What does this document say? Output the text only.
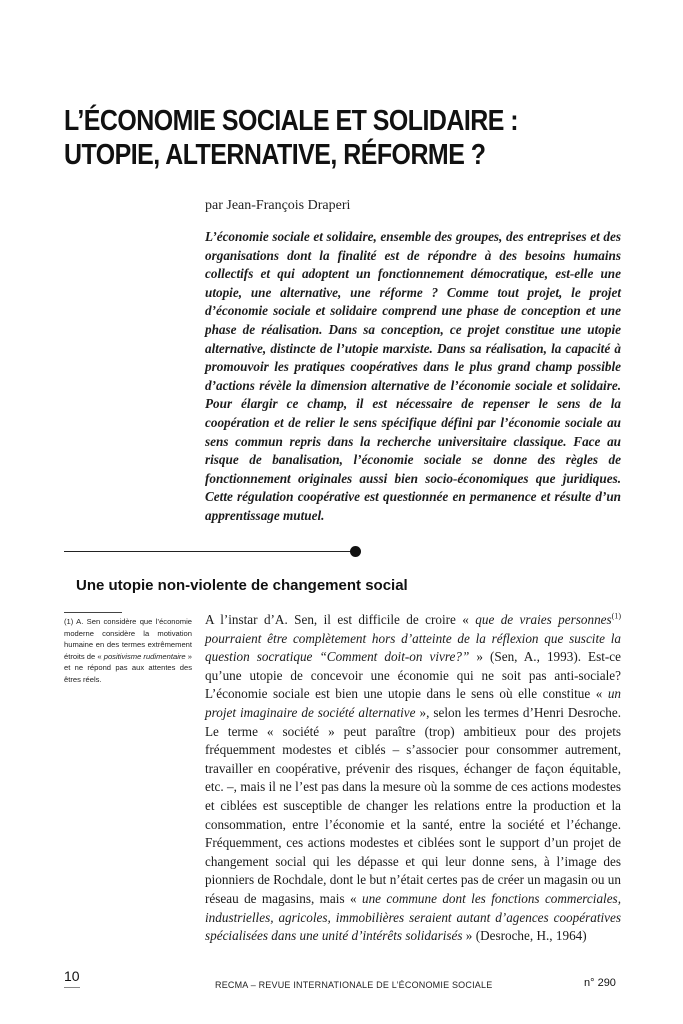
L’ÉCONOMIE SOCIALE ET SOLIDAIRE :
UTOPIE, ALTERNATIVE, RÉFORME ?
par Jean-François Draperi

L’économie sociale et solidaire, ensemble des groupes, des entreprises et des organisations dont la finalité est de répondre à des besoins humains collectifs et qui adoptent un fonctionnement démocratique, est-elle une utopie, une alternative, une réforme ? Comme tout projet, le projet d’économie sociale et solidaire comprend une phase de conception et une phase de réalisation. Dans sa conception, ce projet constitue une utopie alternative, distincte de l’utopie marxiste. Dans sa réalisation, la capacité à promouvoir les pratiques coopératives dans le plus grand champ possible d’actions révèle la dimension alternative de l’économie sociale et solidaire. Pour élargir ce champ, il est nécessaire de repenser le sens de la coopération et de relier le sens spécifique défini par l’économie sociale au sens commun repris dans la recherche universitaire classique. Face au risque de banalisation, l’économie sociale se donne des règles de fonctionnement originales aussi bien socio-économiques que juridiques. Cette régulation coopérative est questionnée en permanence et résulte d’un apprentissage mutuel.

Une utopie non-violente de changement social

(1) A. Sen considère que l’économie moderne considère la motivation humaine en des termes extrêmement étroits de « positivisme rudimentaire » et ne répond pas aux attentes des êtres réels.

A l’instar d’A. Sen, il est difficile de croire « que de vraies personnes$^{(1)}$ pourraient être complètement hors d’atteinte de la réflexion que suscite la question socratique “Comment doit-on vivre?” » (Sen, A., 1993). Est-ce qu’une utopie de concevoir une économie qui ne soit pas anti-sociale? L’économie sociale est bien une utopie dans le sens où elle constitue « un projet imaginaire de société alternative », selon les termes d’Henri Desroche. Le terme « société » peut paraître (trop) ambitieux pour des projets fréquemment modestes et ciblés – s’associer pour consommer autrement, travailler en coopérative, prévenir des risques, échanger de façon équitable, etc. –, mais il ne l’est pas dans la mesure où la somme de ces actions modestes et ciblées est susceptible de changer les relations entre la production et la consommation, entre l’économie et la santé, entre la société et l’échange. Fréquemment, ces actions modestes et ciblées sont le support d’un projet de changement social qui les dépasse et qui leur donne sens, à l’image des pionniers de Rochdale, dont le but n’était certes pas de créer un magasin ou un réseau de magasins, mais « une commune dont les fonctions commerciales, industrielles, agricoles, immobilières seraient autant d’agences coopératives spécialisées dans une unité d’intérêts solidarisés » (Desroche, H., 1964)

10
RECMA – REVUE INTERNATIONALE DE L’ÉCONOMIE SOCIALE	n° 290
